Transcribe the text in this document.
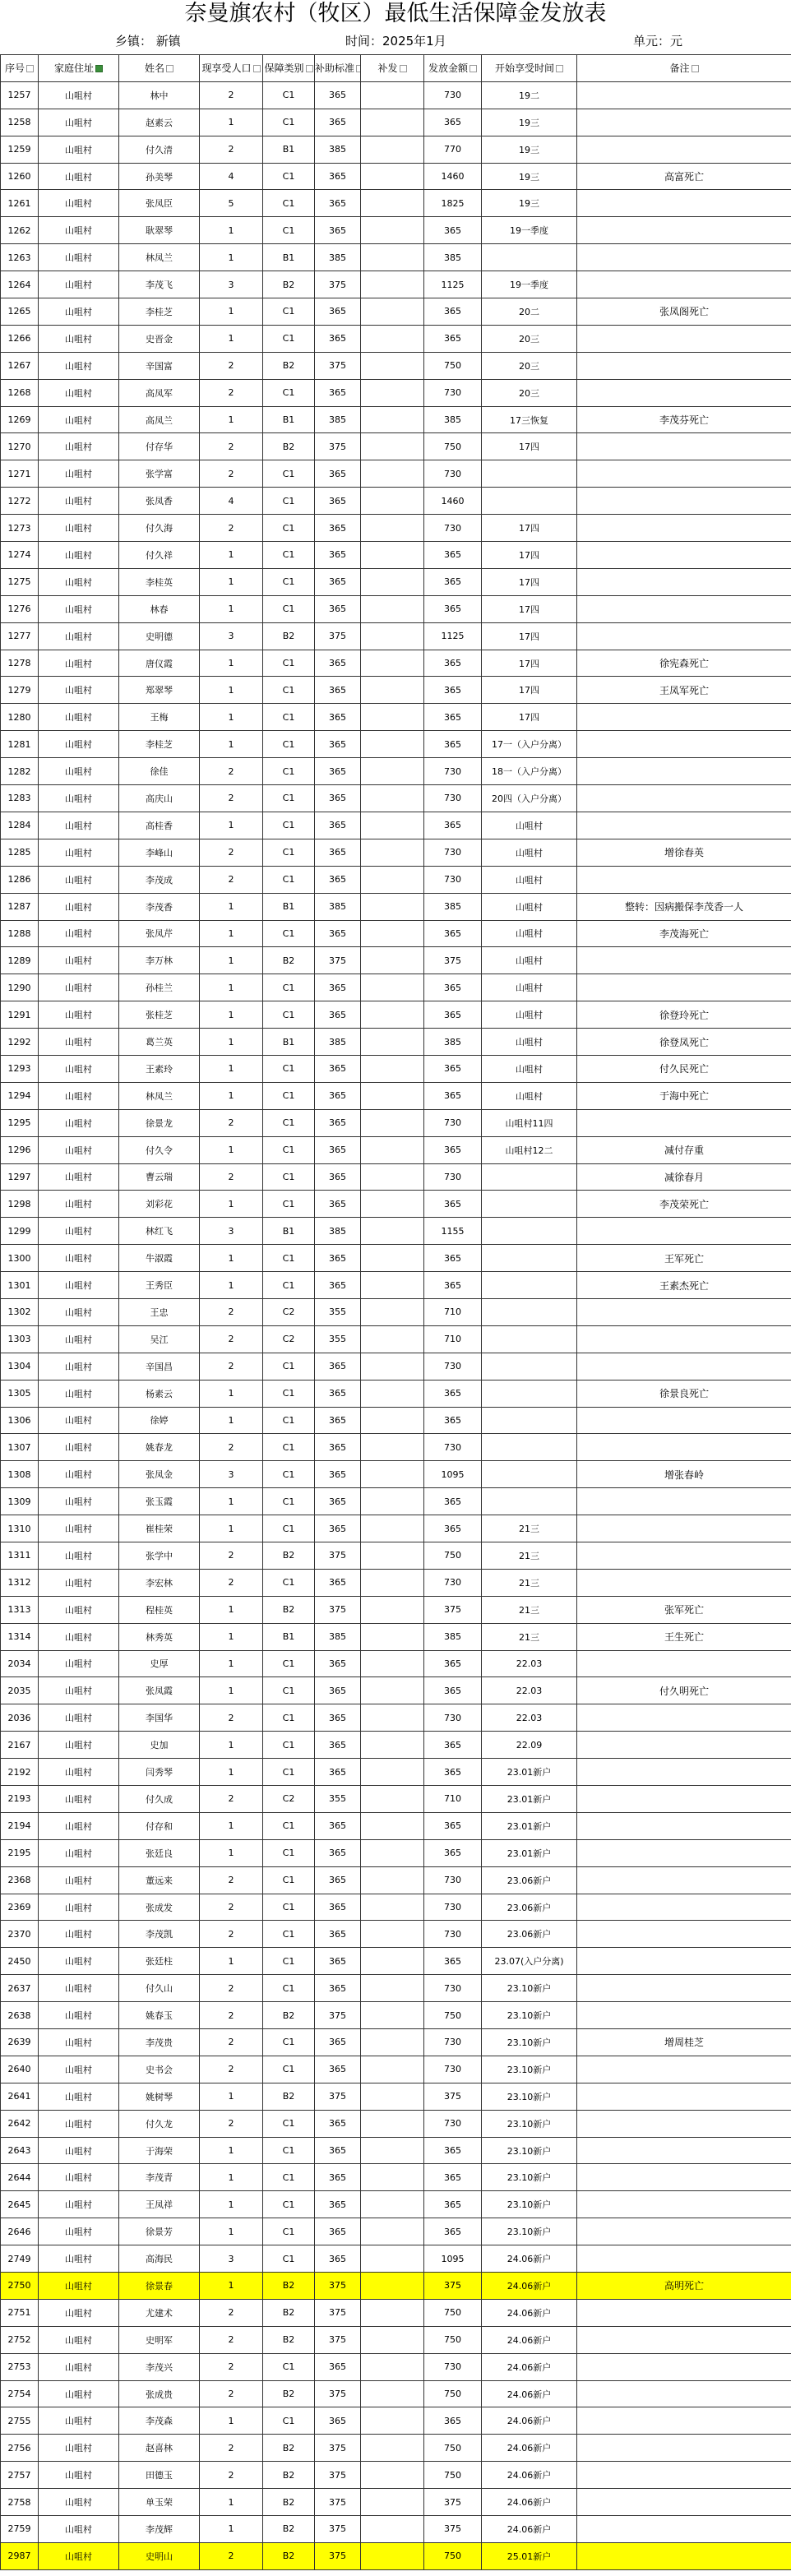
奈曼旗农村（牧区）最低生活保障金发放表
乡镇： 新镇	时间：2025年1月	单元：元
序号	家庭住址	姓名	现享受人口	保障类别	补助标准	补发	发放金额	开始享受时间	备注
1257	山咀村	林中	2	C1	365		730	19二	
1258	山咀村	赵素云	1	C1	365		365	19三	
1259	山咀村	付久清	2	B1	385		770	19三	
1260	山咀村	孙美琴	4	C1	365		1460	19三	高富死亡
1261	山咀村	张凤臣	5	C1	365		1825	19三	
1262	山咀村	耿翠琴	1	C1	365		365	19一季度	
1263	山咀村	林凤兰	1	B1	385		385		
1264	山咀村	李茂飞	3	B2	375		1125	19一季度	
1265	山咀村	李桂芝	1	C1	365		365	20二	张凤阁死亡
1266	山咀村	史晋金	1	C1	365		365	20三	
1267	山咀村	辛国富	2	B2	375		750	20三	
1268	山咀村	高凤军	2	C1	365		730	20三	
1269	山咀村	高凤兰	1	B1	385		385	17三恢复	李茂芬死亡
1270	山咀村	付存华	2	B2	375		750	17四	
1271	山咀村	张学富	2	C1	365		730		
1272	山咀村	张凤香	4	C1	365		1460		
1273	山咀村	付久海	2	C1	365		730	17四	
1274	山咀村	付久祥	1	C1	365		365	17四	
1275	山咀村	李桂英	1	C1	365		365	17四	
1276	山咀村	林春	1	C1	365		365	17四	
1277	山咀村	史明德	3	B2	375		1125	17四	
1278	山咀村	唐仪霞	1	C1	365		365	17四	徐宪森死亡
1279	山咀村	郑翠琴	1	C1	365		365	17四	王凤军死亡
1280	山咀村	王梅	1	C1	365		365	17四	
1281	山咀村	李桂芝	1	C1	365		365	17一（入户分离）	
1282	山咀村	徐佳	2	C1	365		730	18一（入户分离）	
1283	山咀村	高庆山	2	C1	365		730	20四（入户分离）	
1284	山咀村	高桂香	1	C1	365		365	山咀村	
1285	山咀村	李峰山	2	C1	365		730	山咀村	增徐春英
1286	山咀村	李茂成	2	C1	365		730	山咀村	
1287	山咀村	李茂香	1	B1	385		385	山咀村	整转：因病搬保李茂香一人
1288	山咀村	张凤芹	1	C1	365		365	山咀村	李茂海死亡
1289	山咀村	李万林	1	B2	375		375	山咀村	
1290	山咀村	孙桂兰	1	C1	365		365	山咀村	
1291	山咀村	张桂芝	1	C1	365		365	山咀村	徐登玲死亡
1292	山咀村	葛兰英	1	B1	385		385	山咀村	徐登凤死亡
1293	山咀村	王素玲	1	C1	365		365	山咀村	付久民死亡
1294	山咀村	林凤兰	1	C1	365		365	山咀村	于海中死亡
1295	山咀村	徐景龙	2	C1	365		730	山咀村11四	
1296	山咀村	付久令	1	C1	365		365	山咀村12二	减付存重
1297	山咀村	曹云瑞	2	C1	365		730		减徐春月
1298	山咀村	刘彩花	1	C1	365		365		李茂荣死亡
1299	山咀村	林红飞	3	B1	385		1155		
1300	山咀村	牛淑霞	1	C1	365		365		王军死亡
1301	山咀村	王秀臣	1	C1	365		365		王素杰死亡
1302	山咀村	王忠	2	C2	355		710		
1303	山咀村	吴江	2	C2	355		710		
1304	山咀村	辛国昌	2	C1	365		730		
1305	山咀村	杨素云	1	C1	365		365		徐景良死亡
1306	山咀村	徐婷	1	C1	365		365		
1307	山咀村	姚春龙	2	C1	365		730		
1308	山咀村	张凤金	3	C1	365		1095		增张春岭
1309	山咀村	张玉霞	1	C1	365		365		
1310	山咀村	崔桂荣	1	C1	365		365	21三	
1311	山咀村	张学中	2	B2	375		750	21三	
1312	山咀村	李宏林	2	C1	365		730	21三	
1313	山咀村	程桂英	1	B2	375		375	21三	张军死亡
1314	山咀村	林秀英	1	B1	385		385	21三	王生死亡
2034	山咀村	史厚	1	C1	365		365	22.03	
2035	山咀村	张凤霞	1	C1	365		365	22.03	付久明死亡
2036	山咀村	李国华	2	C1	365		730	22.03	
2167	山咀村	史加	1	C1	365		365	22.09	
2192	山咀村	闫秀琴	1	C1	365		365	23.01新户	
2193	山咀村	付久成	2	C2	355		710	23.01新户	
2194	山咀村	付存和	1	C1	365		365	23.01新户	
2195	山咀村	张廷良	1	C1	365		365	23.01新户	
2368	山咀村	董远来	2	C1	365		730	23.06新户	
2369	山咀村	张成发	2	C1	365		730	23.06新户	
2370	山咀村	李茂凯	2	C1	365		730	23.06新户	
2450	山咀村	张廷柱	1	C1	365		365	23.07(入户分离)	
2637	山咀村	付久山	2	C1	365		730	23.10新户	
2638	山咀村	姚春玉	2	B2	375		750	23.10新户	
2639	山咀村	李茂贵	2	C1	365		730	23.10新户	增周桂芝
2640	山咀村	史书会	2	C1	365		730	23.10新户	
2641	山咀村	姚树琴	1	B2	375		375	23.10新户	
2642	山咀村	付久龙	2	C1	365		730	23.10新户	
2643	山咀村	于海荣	1	C1	365		365	23.10新户	
2644	山咀村	李茂青	1	C1	365		365	23.10新户	
2645	山咀村	王凤祥	1	C1	365		365	23.10新户	
2646	山咀村	徐景芳	1	C1	365		365	23.10新户	
2749	山咀村	高海民	3	C1	365		1095	24.06新户	
2750	山咀村	徐景春	1	B2	375		375	24.06新户	高明死亡
2751	山咀村	尤建术	2	B2	375		750	24.06新户	
2752	山咀村	史明军	2	B2	375		750	24.06新户	
2753	山咀村	李茂兴	2	C1	365		730	24.06新户	
2754	山咀村	张成贵	2	B2	375		750	24.06新户	
2755	山咀村	李茂森	1	C1	365		365	24.06新户	
2756	山咀村	赵喜林	2	B2	375		750	24.06新户	
2757	山咀村	田德玉	2	B2	375		750	24.06新户	
2758	山咀村	单玉荣	1	B2	375		375	24.06新户	
2759	山咀村	李茂辉	1	B2	375		375	24.06新户	
2987	山咀村	史明山	2	B2	375		750	25.01新户	
